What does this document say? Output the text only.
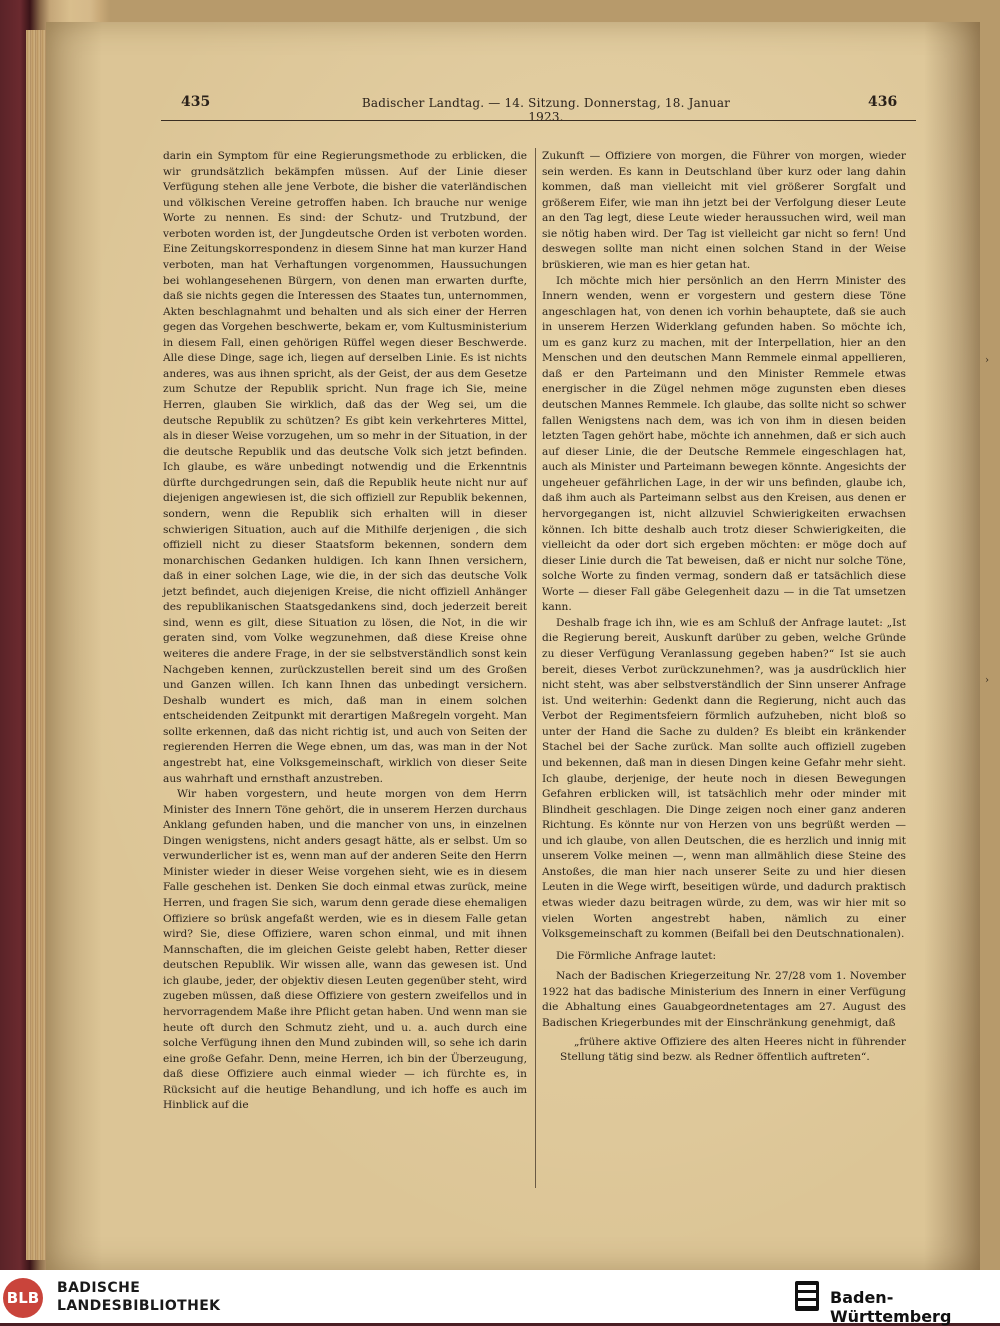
435	Badischer Landtag. — 14. Sitzung. Donnerstag, 18. Januar 1923.
436

darin ein Symptom für eine Regierungsmethode zu erblicken, die wir grundsätzlich bekämpfen müssen. Auf der Linie dieser Verfügung stehen alle jene Verbote, die bisher die vaterländischen und völkischen Vereine getroffen haben. Ich brauche nur wenige Worte zu nennen. Es sind: der Schutz- und Trutzbund, der verboten worden ist, der Jungdeutsche Orden ist verboten worden. Eine Zeitungskorrespondenz in diesem Sinne hat man kurzer Hand verboten, man hat Verhaftungen vorgenommen, Haussuchungen bei wohlangesehenen Bürgern, von denen man erwarten durfte, daß sie nichts gegen die Interessen des Staates tun, unternommen, Akten beschlagnahmt und behalten und als sich einer der Herren gegen das Vorgehen beschwerte, bekam er, vom Kultusministerium in diesem Fall, einen gehörigen Rüffel wegen dieser Beschwerde. Alle diese Dinge, sage ich, liegen auf derselben Linie. Es ist nichts anderes, was aus ihnen spricht, als der Geist, der aus dem Gesetze zum Schutze der Republik spricht. Nun frage ich Sie, meine Herren, glauben Sie wirklich, daß das der Weg sei, um die deutsche Republik zu schützen? Es gibt kein verkehrteres Mittel, als in dieser Weise vorzugehen, um so mehr in der Situation, in der die deutsche Republik und das deutsche Volk sich jetzt befinden. Ich glaube, es wäre unbedingt notwendig und die Erkenntnis dürfte durchgedrungen sein, daß die Republik heute nicht nur auf diejenigen angewiesen ist, die sich offiziell zur Republik bekennen, sondern, wenn die Republik sich erhalten will in dieser schwierigen Situation, auch auf die Mithilfe derjenigen , die sich offiziell nicht zu dieser Staatsform bekennen, sondern dem monarchischen Gedanken huldigen. Ich kann Ihnen versichern, daß in einer solchen Lage, wie die, in der sich das deutsche Volk jetzt befindet, auch diejenigen Kreise, die nicht offiziell Anhänger des republikanischen Staatsgedankens sind, doch jederzeit bereit sind, wenn es gilt, diese Situation zu lösen, die Not, in die wir geraten sind, vom Volke wegzunehmen, daß diese Kreise ohne weiteres die andere Frage, in der sie selbstverständlich sonst kein Nachgeben kennen, zurückzustellen bereit sind um des Großen und Ganzen willen. Ich kann Ihnen das unbedingt versichern. Deshalb wundert es mich, daß man in einem solchen entscheidenden Zeitpunkt mit derartigen Maßregeln vorgeht. Man sollte erkennen, daß das nicht richtig ist, und auch von Seiten der regierenden Herren die Wege ebnen, um das, was man in der Not angestrebt hat, eine Volksgemeinschaft, wirklich von dieser Seite aus wahrhaft und ernsthaft anzustreben.

Wir haben vorgestern, und heute morgen von dem Herrn Minister des Innern Töne gehört, die in unserem Herzen durchaus Anklang gefunden haben, und die mancher von uns, in einzelnen Dingen wenigstens, nicht anders gesagt hätte, als er selbst. Um so verwunderlicher ist es, wenn man auf der anderen Seite den Herrn Minister wieder in dieser Weise vorgehen sieht, wie es in diesem Falle geschehen ist. Denken Sie doch einmal etwas zurück, meine Herren, und fragen Sie sich, warum denn gerade diese ehemaligen Offiziere so brüsk angefaßt werden, wie es in diesem Falle getan wird? Sie, diese Offiziere, waren schon einmal, und mit ihnen Mannschaften, die im gleichen Geiste gelebt haben, Retter dieser deutschen Republik. Wir wissen alle, wann das gewesen ist. Und ich glaube, jeder, der objektiv diesen Leuten gegenüber steht, wird zugeben müssen, daß diese Offiziere von gestern zweifellos und in hervorragendem Maße ihre Pflicht getan haben. Und wenn man sie heute oft durch den Schmutz zieht, und u. a. auch durch eine solche Verfügung ihnen den Mund zubinden will, so sehe ich darin eine große Gefahr. Denn, meine Herren, ich bin der Überzeugung, daß diese Offiziere auch einmal wieder — ich fürchte es, in Rücksicht auf die heutige Behandlung, und ich hoffe es auch im Hinblick auf die

Zukunft — Offiziere von morgen, die Führer von morgen, wieder sein werden. Es kann in Deutschland über kurz oder lang dahin kommen, daß man vielleicht mit viel größerer Sorgfalt und größerem Eifer, wie man ihn jetzt bei der Verfolgung dieser Leute an den Tag legt, diese Leute wieder heraussuchen wird, weil man sie nötig haben wird. Der Tag ist vielleicht gar nicht so fern! Und deswegen sollte man nicht einen solchen Stand in der Weise brüskieren, wie man es hier getan hat.

Ich möchte mich hier persönlich an den Herrn Minister des Innern wenden, wenn er vorgestern und gestern diese Töne angeschlagen hat, von denen ich vorhin behauptete, daß sie auch in unserem Herzen Widerklang gefunden haben. So möchte ich, um es ganz kurz zu machen, mit der Interpellation, hier an den Menschen und den deutschen Mann Remmele einmal appellieren, daß er den Parteimann und den Minister Remmele etwas energischer in die Zügel nehmen möge zugunsten eben dieses deutschen Mannes Remmele. Ich glaube, das sollte nicht so schwer fallen Wenigstens nach dem, was ich von ihm in diesen beiden letzten Tagen gehört habe, möchte ich annehmen, daß er sich auch auf dieser Linie, die der Deutsche Remmele eingeschlagen hat, auch als Minister und Parteimann bewegen könnte. Angesichts der ungeheuer gefährlichen Lage, in der wir uns befinden, glaube ich, daß ihm auch als Parteimann selbst aus den Kreisen, aus denen er hervorgegangen ist, nicht allzuviel Schwierigkeiten erwachsen können. Ich bitte deshalb auch trotz dieser Schwierigkeiten, die vielleicht da oder dort sich ergeben möchten: er möge doch auf dieser Linie durch die Tat beweisen, daß er nicht nur solche Töne, solche Worte zu finden vermag, sondern daß er tatsächlich diese Worte — dieser Fall gäbe Gelegenheit dazu — in die Tat umsetzen kann.

Deshalb frage ich ihn, wie es am Schluß der Anfrage lautet: „Ist die Regierung bereit, Auskunft darüber zu geben, welche Gründe zu dieser Verfügung Veranlassung gegeben haben?“ Ist sie auch bereit, dieses Verbot zurückzunehmen?, was ja ausdrücklich hier nicht steht, was aber selbstverständlich der Sinn unserer Anfrage ist. Und weiterhin: Gedenkt dann die Regierung, nicht auch das Verbot der Regimentsfeiern förmlich aufzuheben, nicht bloß so unter der Hand die Sache zu dulden? Es bleibt ein kränkender Stachel bei der Sache zurück. Man sollte auch offiziell zugeben und bekennen, daß man in diesen Dingen keine Gefahr mehr sieht. Ich glaube, derjenige, der heute noch in diesen Bewegungen Gefahren erblicken will, ist tatsächlich mehr oder minder mit Blindheit geschlagen. Die Dinge zeigen noch einer ganz anderen Richtung. Es könnte nur von Herzen von uns begrüßt werden — und ich glaube, von allen Deutschen, die es herzlich und innig mit unserem Volke meinen —, wenn man allmählich diese Steine des Anstoßes, die man hier nach unserer Seite zu und hier diesen Leuten in die Wege wirft, beseitigen würde, und dadurch praktisch etwas wieder dazu beitragen würde, zu dem, was wir hier mit so vielen Worten angestrebt haben, nämlich zu einer Volksgemeinschaft zu kommen (Beifall bei den Deutschnationalen).

Die Förmliche Anfrage lautet:

Nach der Badischen Kriegerzeitung Nr. 27/28 vom 1. November 1922 hat das badische Ministerium des Innern in einer Verfügung die Abhaltung eines Gauabgeordnetentages am 27. August des Badischen Kriegerbundes mit der Einschränkung genehmigt, daß

„frühere aktive Offiziere des alten Heeres nicht in führender Stellung tätig sind bezw. als Redner öffentlich auftreten“.

›
›
BLB
BADISCHE
LANDESBIBLIOTHEK	Baden-Württemberg
